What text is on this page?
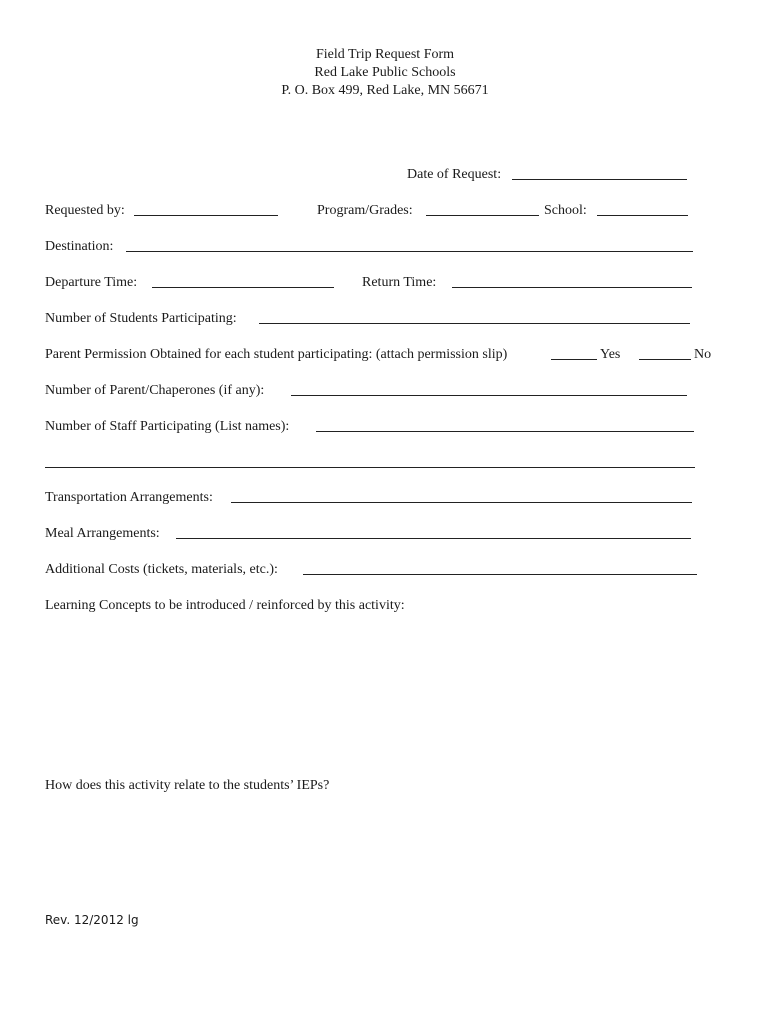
Field Trip Request Form
Red Lake Public Schools
P. O. Box 499, Red Lake, MN 56671
Date of Request:
Requested by:	Program/Grades:	School:
Destination:
Departure Time:	Return Time:
Number of Students Participating:
Parent Permission Obtained for each student participating: (attach permission slip)	Yes	No
Number of Parent/Chaperones (if any):
Number of Staff Participating (List names):
Transportation Arrangements:
Meal Arrangements:
Additional Costs (tickets, materials, etc.):
Learning Concepts to be introduced / reinforced by this activity:
How does this activity relate to the students’ IEPs?
Rev. 12/2012 lg
